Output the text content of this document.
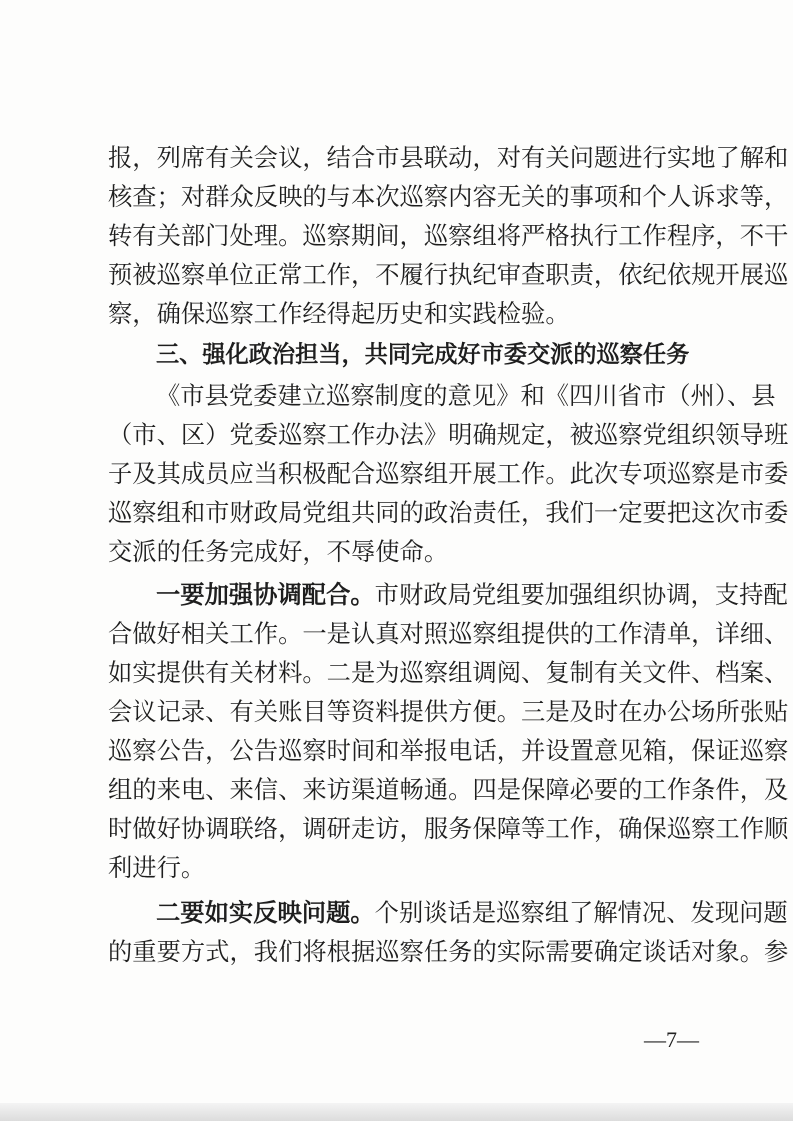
报，列席有关会议，结合市县联动，对有关问题进行实地了解和
核查；对群众反映的与本次巡察内容无关的事项和个人诉求等，
转有关部门处理。巡察期间，巡察组将严格执行工作程序，不干
预被巡察单位正常工作，不履行执纪审查职责，依纪依规开展巡
察，确保巡察工作经得起历史和实践检验。
三、强化政治担当，共同完成好市委交派的巡察任务
《市县党委建立巡察制度的意见》和《四川省市（州）、县
（市、区）党委巡察工作办法》明确规定，被巡察党组织领导班
子及其成员应当积极配合巡察组开展工作。此次专项巡察是市委
巡察组和市财政局党组共同的政治责任，我们一定要把这次市委
交派的任务完成好，不辱使命。
一要加强协调配合。市财政局党组要加强组织协调，支持配
合做好相关工作。一是认真对照巡察组提供的工作清单，详细、
如实提供有关材料。二是为巡察组调阅、复制有关文件、档案、
会议记录、有关账目等资料提供方便。三是及时在办公场所张贴
巡察公告，公告巡察时间和举报电话，并设置意见箱，保证巡察
组的来电、来信、来访渠道畅通。四是保障必要的工作条件，及
时做好协调联络，调研走访，服务保障等工作，确保巡察工作顺
利进行。
二要如实反映问题。个别谈话是巡察组了解情况、发现问题
的重要方式，我们将根据巡察任务的实际需要确定谈话对象。参
—7—
